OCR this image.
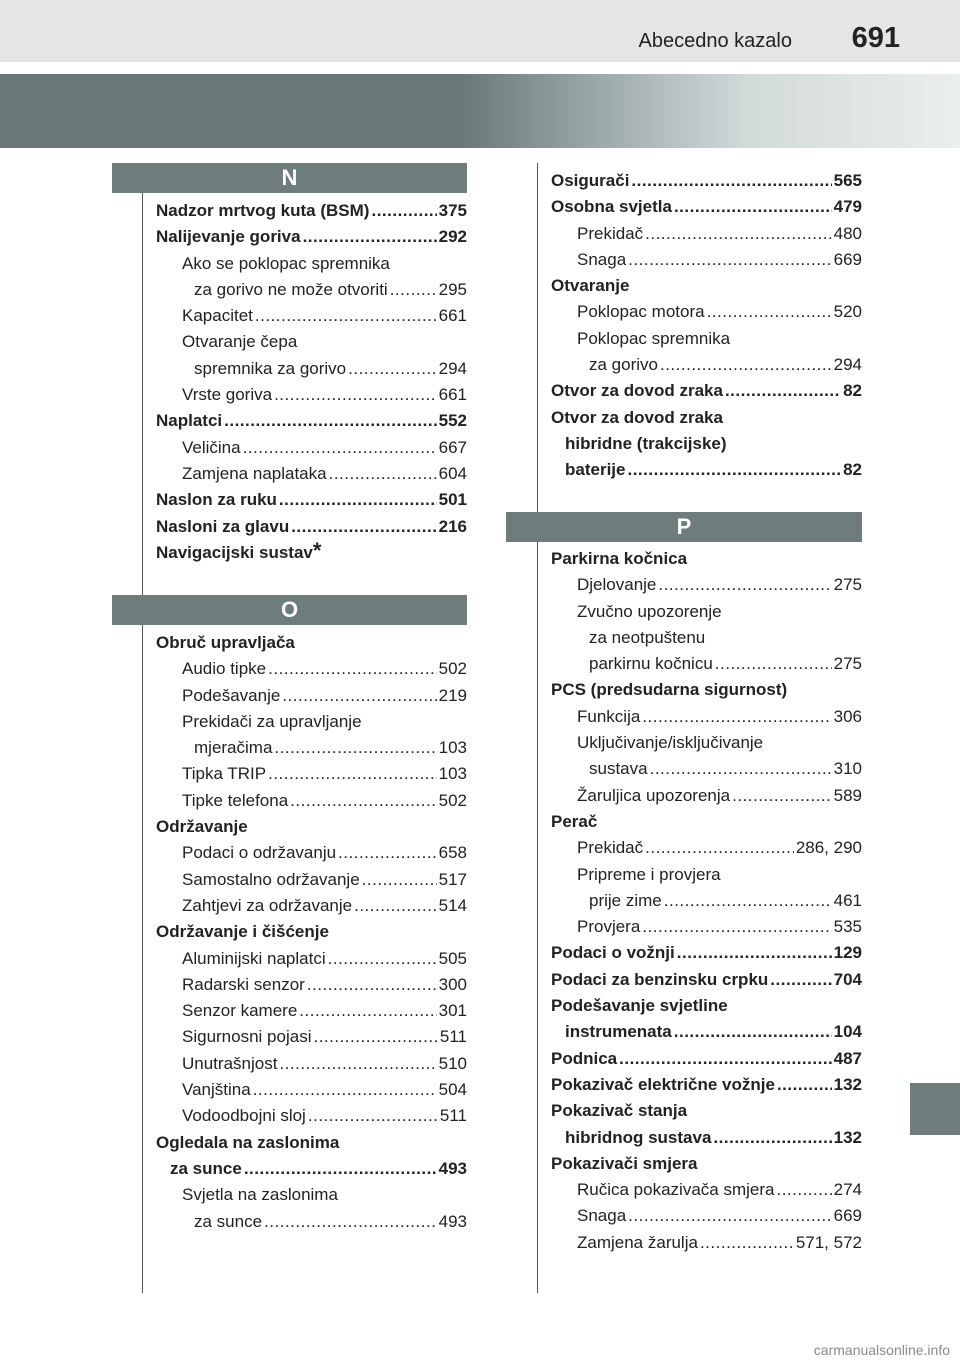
Abecedno kazalo 691
N
Nadzor mrtvog kuta (BSM) .....	375
Nalijevanje goriva .....	292
Ako se poklopac spremnika
za gorivo ne može otvoriti .....	295
Kapacitet .....	661
Otvaranje čepa
spremnika za gorivo .....	294
Vrste goriva .....	661
Naplatci .....	552
Veličina .....	667
Zamjena naplataka .....	604
Naslon za ruku .....	501
Nasloni za glavu .....	216
Navigacijski sustav *
O
Obruč upravljača
Audio tipke .....	502
Podešavanje .....	219
Prekidači za upravljanje
mjeračima .....	103
Tipka TRIP .....	103
Tipke telefona .....	502
Održavanje
Podaci o održavanju .....	658
Samostalno održavanje .....	517
Zahtjevi za održavanje .....	514
Održavanje i čišćenje
Aluminijski naplatci .....	505
Radarski senzor .....	300
Senzor kamere .....	301
Sigurnosni pojasi .....	511
Unutrašnjost .....	510
Vanjština .....	504
Vodoodbojni sloj .....	511
Ogledala na zaslonima
za sunce .....	493
Svjetla na zaslonima
za sunce .....	493
Osigurači .....	565
Osobna svjetla .....	479
Prekidač .....	480
Snaga .....	669
Otvaranje
Poklopac motora .....	520
Poklopac spremnika
za gorivo .....	294
Otvor za dovod zraka .....	82
Otvor za dovod zraka
hibridne (trakcijske)
baterije .....	82
P
Parkirna kočnica
Djelovanje .....	275
Zvučno upozorenje
za neotpuštenu
parkirnu kočnicu .....	275
PCS (predsudarna sigurnost)
Funkcija .....	306
Uključivanje/isključivanje
sustava .....	310
Žaruljica upozorenja .....	589
Perač
Prekidač .....	286, 290
Pripreme i provjera
prije zime .....	461
Provjera .....	535
Podaci o vožnji .....	129
Podaci za benzinsku crpku .....	704
Podešavanje svjetline
instrumenata .....	104
Podnica .....	487
Pokazivač električne vožnje .....	132
Pokazivač stanja
hibridnog sustava .....	132
Pokazivači smjera
Ručica pokazivača smjera .....	274
Snaga .....	669
Zamjena žarulja .....	571, 572
carmanualsonline.info
